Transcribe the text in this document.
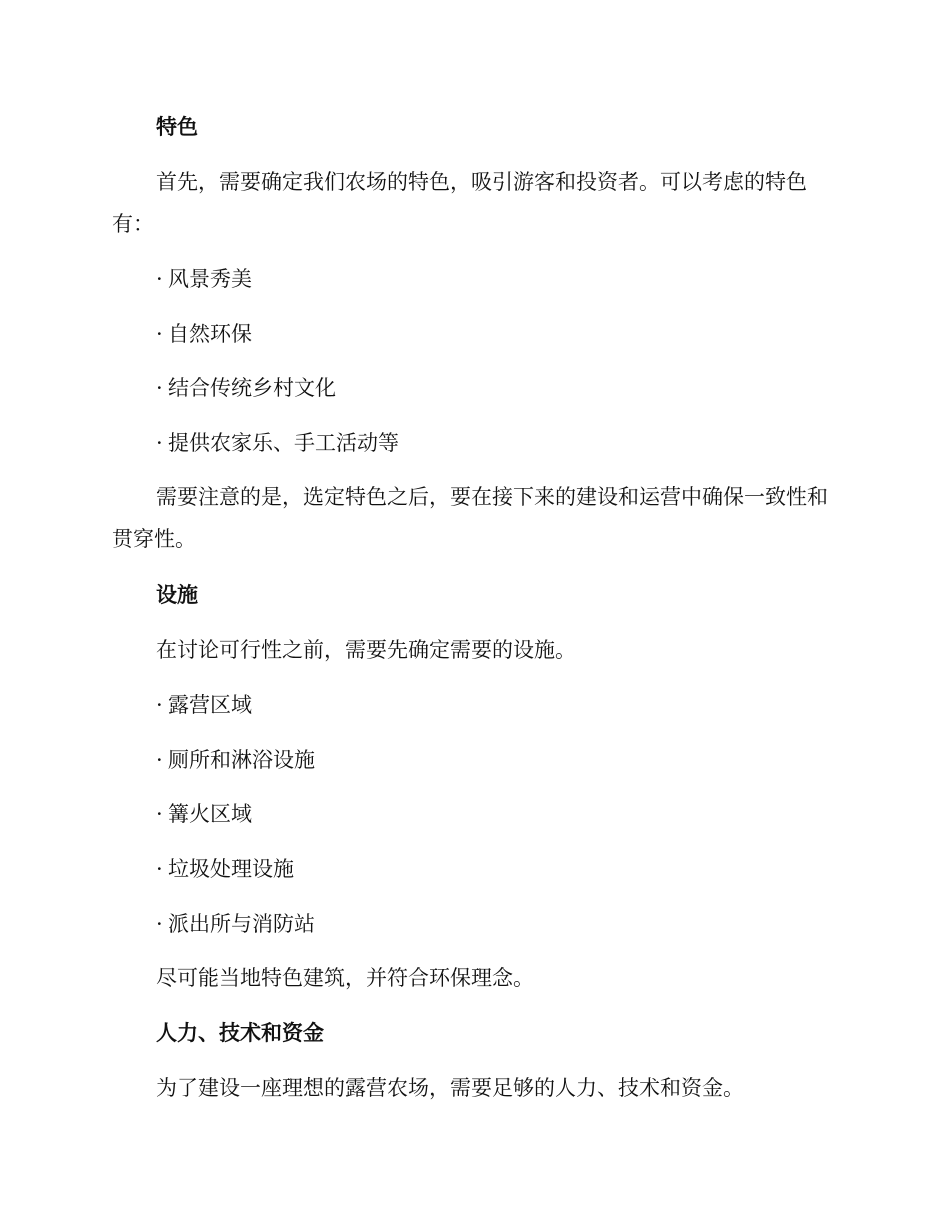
特色

首先，需要确定我们农场的特色，吸引游客和投资者。可以考虑的特色有：

· 风景秀美
· 自然环保
· 结合传统乡村文化
· 提供农家乐、手工活动等

需要注意的是，选定特色之后，要在接下来的建设和运营中确保一致性和贯穿性。

设施

在讨论可行性之前，需要先确定需要的设施。

· 露营区域
· 厕所和淋浴设施
· 篝火区域
· 垃圾处理设施
· 派出所与消防站

尽可能当地特色建筑，并符合环保理念。

人力、技术和资金

为了建设一座理想的露营农场，需要足够的人力、技术和资金。
